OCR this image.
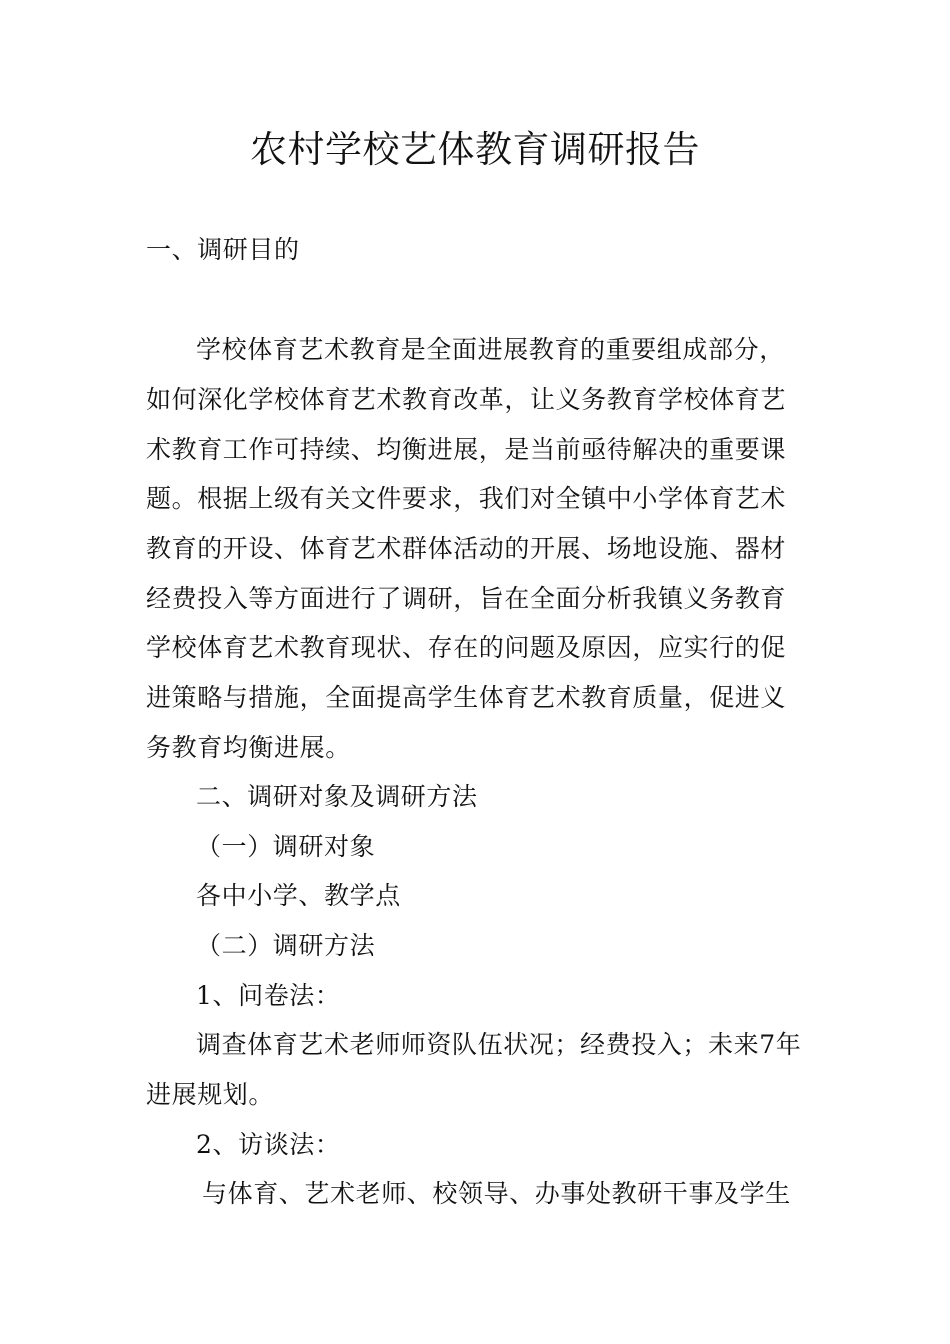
农村学校艺体教育调研报告
一、调研目的
学校体育艺术教育是全面进展教育的重要组成部分，
如何深化学校体育艺术教育改革，让义务教育学校体育艺
术教育工作可持续、均衡进展，是当前亟待解决的重要课
题。根据上级有关文件要求，我们对全镇中小学体育艺术
教育的开设、体育艺术群体活动的开展、场地设施、器材
经费投入等方面进行了调研，旨在全面分析我镇义务教育
学校体育艺术教育现状、存在的问题及原因，应实行的促
进策略与措施，全面提高学生体育艺术教育质量，促进义
务教育均衡进展。
二、调研对象及调研方法
（一）调研对象
各中小学、教学点
（二）调研方法
1、问卷法：
调查体育艺术老师师资队伍状况；经费投入；未来7年
进展规划。
2、访谈法：
与体育、艺术老师、校领导、办事处教研干事及学生
